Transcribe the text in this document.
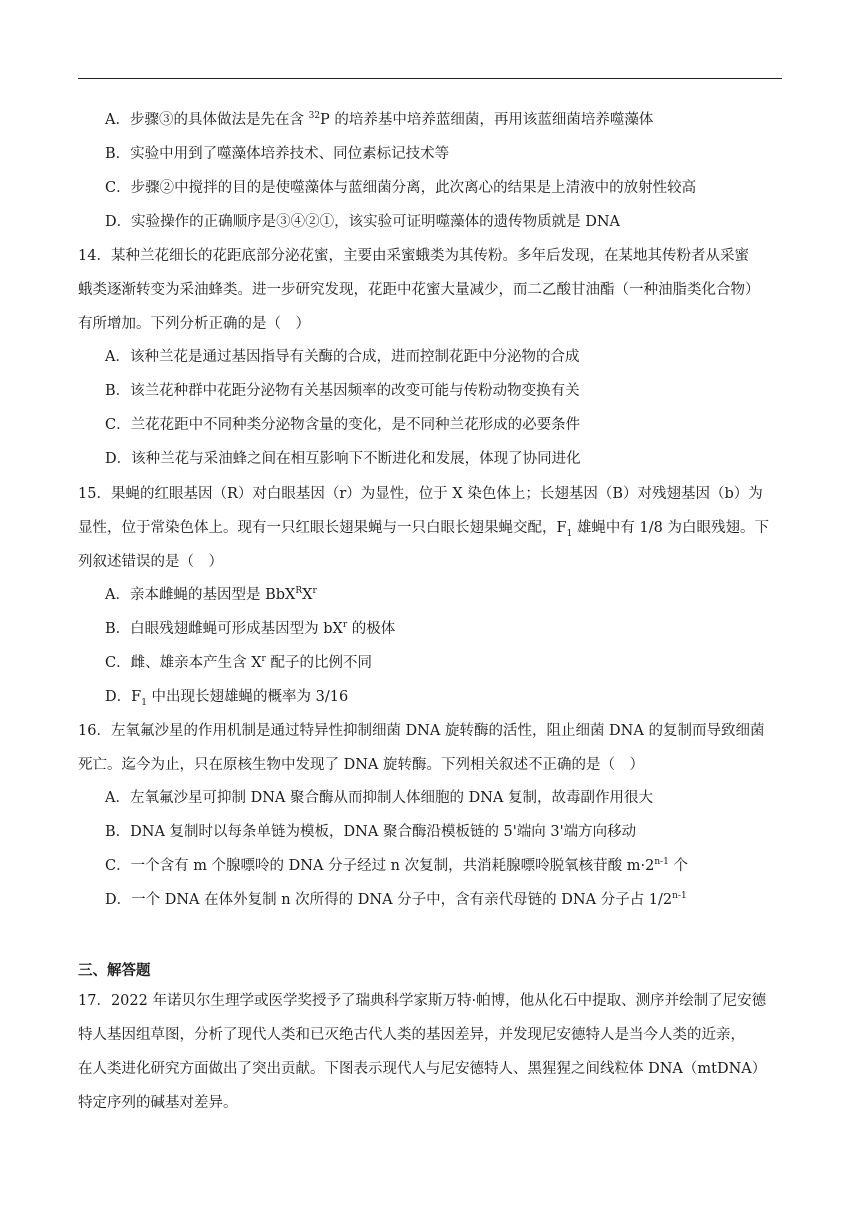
A．步骤③的具体做法是先在含 $^{32}$P 的培养基中培养蓝细菌，再用该蓝细菌培养噬藻体
B．实验中用到了噬藻体培养技术、同位素标记技术等
C．步骤②中搅拌的目的是使噬藻体与蓝细菌分离，此次离心的结果是上清液中的放射性较高
D．实验操作的正确顺序是③④②①，该实验可证明噬藻体的遗传物质就是 DNA
14．某种兰花细长的花距底部分泌花蜜，主要由采蜜蛾类为其传粉。多年后发现，在某地其传粉者从采蜜
蛾类逐渐转变为采油蜂类。进一步研究发现，花距中花蜜大量减少，而二乙酸甘油酯（一种油脂类化合物）
有所增加。下列分析正确的是（　）
A．该种兰花是通过基因指导有关酶的合成，进而控制花距中分泌物的合成
B．该兰花种群中花距分泌物有关基因频率的改变可能与传粉动物变换有关
C．兰花花距中不同种类分泌物含量的变化，是不同种兰花形成的必要条件
D．该种兰花与采油蜂之间在相互影响下不断进化和发展，体现了协同进化
15．果蝇的红眼基因（R）对白眼基因（r）为显性，位于 X 染色体上；长翅基因（B）对残翅基因（b）为
显性，位于常染色体上。现有一只红眼长翅果蝇与一只白眼长翅果蝇交配，$F_1$ 雄蝇中有 1/8 为白眼残翅。下
列叙述错误的是（　）
A．亲本雌蝇的基因型是 $BbX^RX^r$
B．白眼残翅雌蝇可形成基因型为 $bX^r$ 的极体
C．雌、雄亲本产生含 $X^r$ 配子的比例不同
D．$F_1$ 中出现长翅雄蝇的概率为 3/16
16．左氧氟沙星的作用机制是通过特异性抑制细菌 DNA 旋转酶的活性，阻止细菌 DNA 的复制而导致细菌
死亡。迄今为止，只在原核生物中发现了 DNA 旋转酶。下列相关叙述不正确的是（　）
A．左氧氟沙星可抑制 DNA 聚合酶从而抑制人体细胞的 DNA 复制，故毒副作用很大
B．DNA 复制时以每条单链为模板，DNA 聚合酶沿模板链的 5'端向 3'端方向移动
C．一个含有 m 个腺嘌呤的 DNA 分子经过 n 次复制，共消耗腺嘌呤脱氧核苷酸 $m\cdot 2^{n-1}$ 个
D．一个 DNA 在体外复制 n 次所得的 DNA 分子中，含有亲代母链的 DNA 分子占 1/2$^{n-1}$
三、解答题
17．2022 年诺贝尔生理学或医学奖授予了瑞典科学家斯万特·帕博，他从化石中提取、测序并绘制了尼安德
特人基因组草图，分析了现代人类和已灭绝古代人类的基因差异，并发现尼安德特人是当今人类的近亲，
在人类进化研究方面做出了突出贡献。下图表示现代人与尼安德特人、黑猩猩之间线粒体 DNA（mtDNA）
特定序列的碱基对差异。
